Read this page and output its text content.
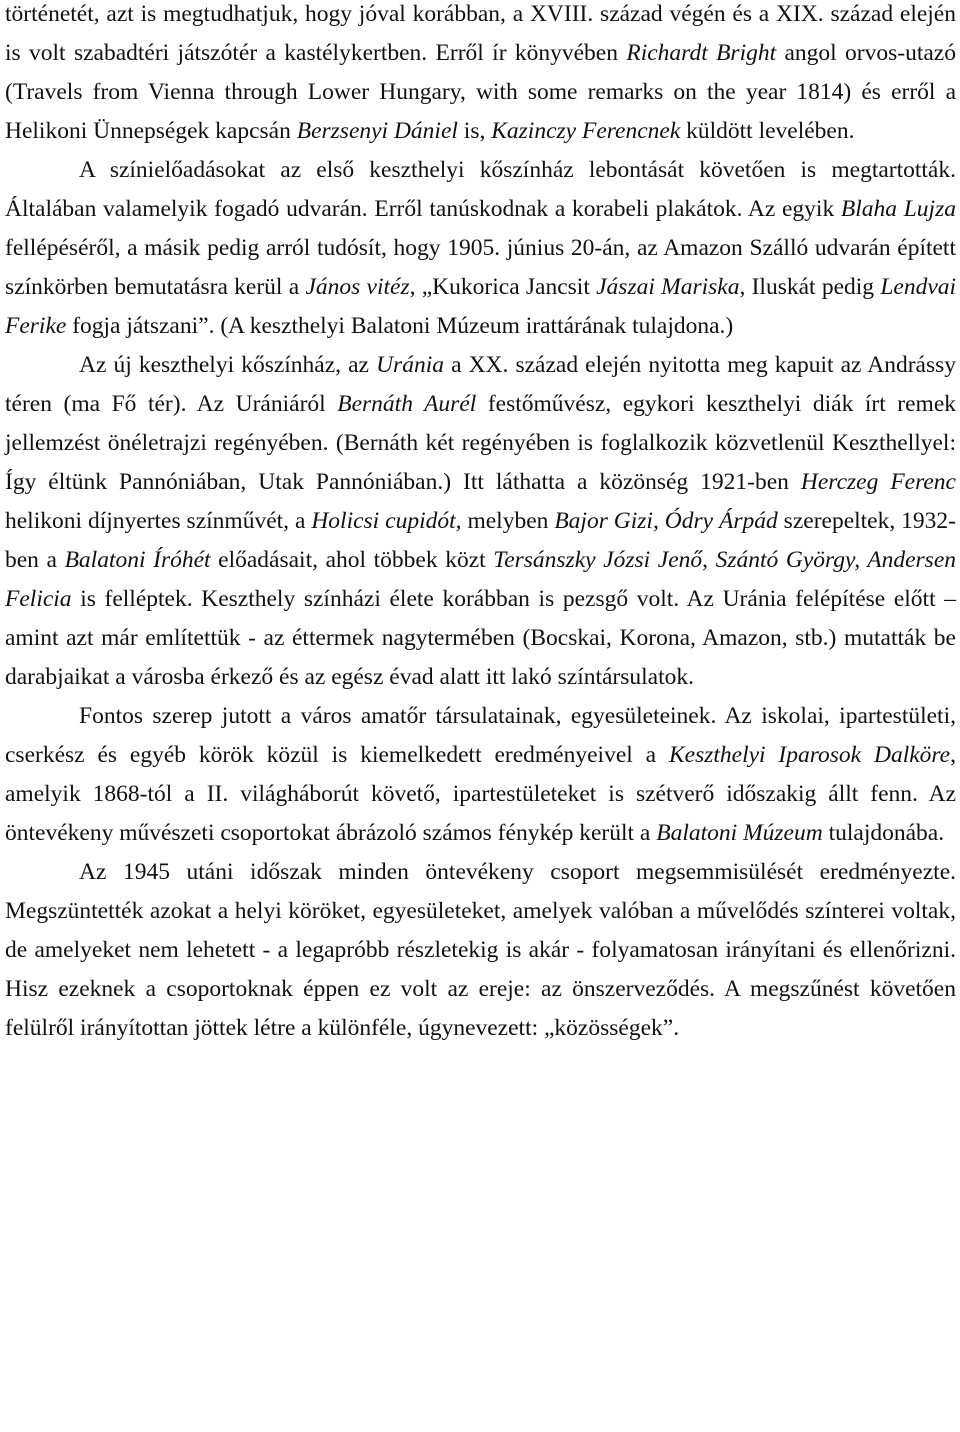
történetét, azt is megtudhatjuk, hogy jóval korábban, a XVIII. század végén és a XIX. század elején is volt szabadtéri játszótér a kastélykertben. Erről ír könyvében Richardt Bright angol orvos-utazó (Travels from Vienna through Lower Hungary, with some remarks on the year 1814) és erről a Helikoni Ünnepségek kapcsán Berzsenyi Dániel is, Kazinczy Ferencnek küldött levelében.

A színielőadásokat az első keszthelyi kőszínház lebontását követően is megtartották. Általában valamelyik fogadó udvarán. Erről tanúskodnak a korabeli plakátok. Az egyik Blaha Lujza fellépéséről, a másik pedig arról tudósít, hogy 1905. június 20-án, az Amazon Szálló udvarán épített színkörben bemutatásra kerül a János vitéz, „Kukorica Jancsit Jászai Mariska, Iluskát pedig Lendvai Ferike fogja játszani”. (A keszthelyi Balatoni Múzeum irattárának tulajdona.)

Az új keszthelyi kőszínház, az Uránia a XX. század elején nyitotta meg kapuit az Andrássy téren (ma Fő tér). Az Urániáról Bernáth Aurél festőművész, egykori keszthelyi diák írt remek jellemzést önéletrajzi regényében. (Bernáth két regényében is foglalkozik közvetlenül Keszthellyel: Így éltünk Pannóniában, Utak Pannóniában.) Itt láthatta a közönség 1921-ben Herczeg Ferenc helikoni díjnyertes színművét, a Holicsi cupidót, melyben Bajor Gizi, Ódry Árpád szerepeltek, 1932-ben a Balatoni Íróhét előadásait, ahol többek közt Tersánszky Józsi Jenő, Szántó György, Andersen Felicia is felléptek. Keszthely színházi élete korábban is pezsgő volt. Az Uránia felépítése előtt – amint azt már említettük - az éttermek nagytermében (Bocskai, Korona, Amazon, stb.) mutatták be darabjaikat a városba érkező és az egész évad alatt itt lakó színtársulatok.

Fontos szerep jutott a város amatőr társulatainak, egyesületeinek. Az iskolai, ipartestületi, cserkész és egyéb körök közül is kiemelkedett eredményeivel a Keszthelyi Iparosok Dalköre, amelyik 1868-tól a II. világháborút követő, ipartestületeket is szétverő időszakig állt fenn. Az öntevékeny művészeti csoportokat ábrázoló számos fénykép került a Balatoni Múzeum tulajdonába.

Az 1945 utáni időszak minden öntevékeny csoport megsemmisülését eredményezte. Megszüntették azokat a helyi köröket, egyesületeket, amelyek valóban a művelődés színterei voltak, de amelyeket nem lehetett - a legapróbb részletekig is akár - folyamatosan irányítani és ellenőrizni. Hisz ezeknek a csoportoknak éppen ez volt az ereje: az önszerveződés. A megszűnést követően felülről irányítottan jöttek létre a különféle, úgynevezett: „közösségek”.
